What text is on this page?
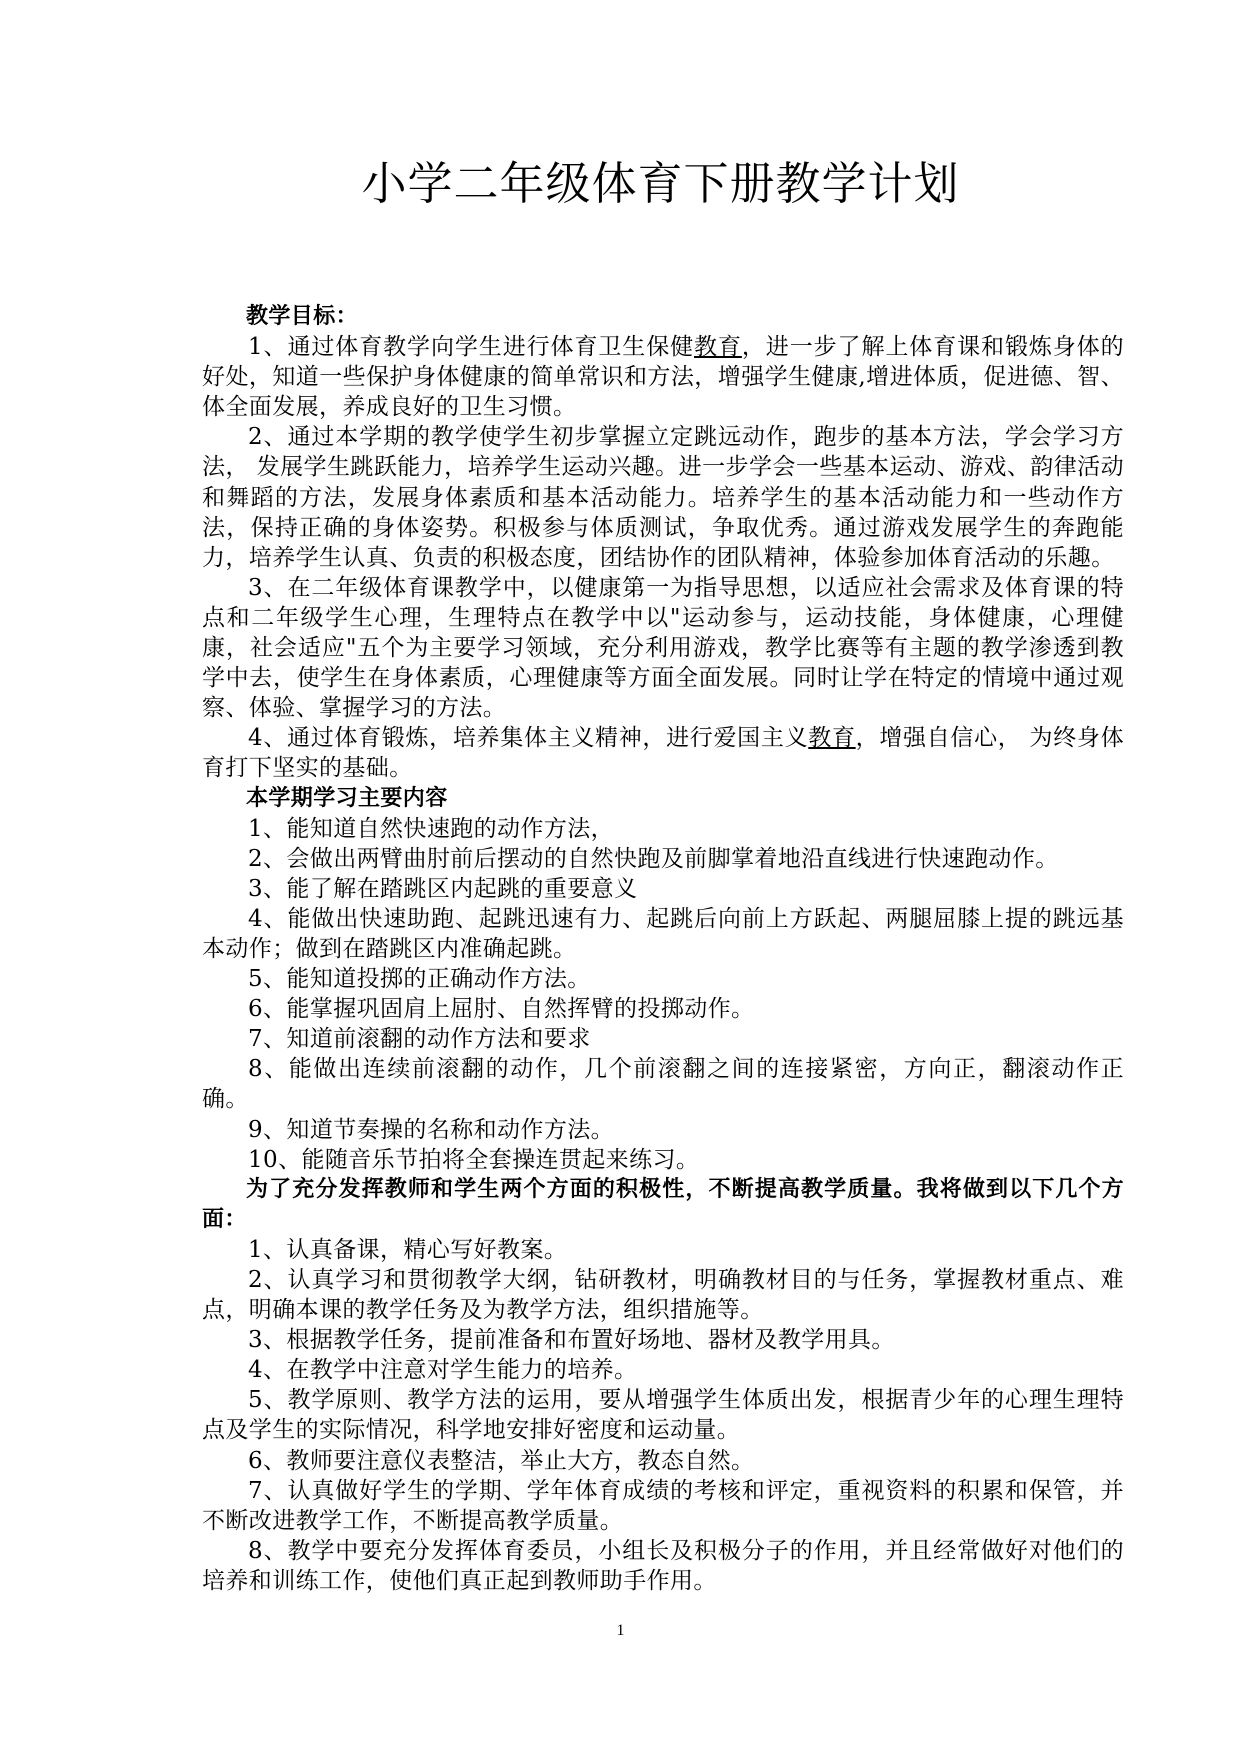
小学二年级体育下册教学计划

教学目标：

1、通过体育教学向学生进行体育卫生保健教育，进一步了解上体育课和锻炼身体的好处，知道一些保护身体健康的简单常识和方法，增强学生健康,增进体质，促进德、智、体全面发展，养成良好的卫生习惯。

2、通过本学期的教学使学生初步掌握立定跳远动作，跑步的基本方法，学会学习方法， 发展学生跳跃能力，培养学生运动兴趣。进一步学会一些基本运动、游戏、韵律活动和舞蹈的方法，发展身体素质和基本活动能力。培养学生的基本活动能力和一些动作方法，保持正确的身体姿势。积极参与体质测试，争取优秀。通过游戏发展学生的奔跑能力，培养学生认真、负责的积极态度，团结协作的团队精神，体验参加体育活动的乐趣。

3、在二年级体育课教学中，以健康第一为指导思想，以适应社会需求及体育课的特点和二年级学生心理，生理特点在教学中以"运动参与，运动技能，身体健康，心理健康，社会适应"五个为主要学习领域，充分利用游戏，教学比赛等有主题的教学渗透到教学中去，使学生在身体素质，心理健康等方面全面发展。同时让学在特定的情境中通过观察、体验、掌握学习的方法。

4、通过体育锻炼，培养集体主义精神，进行爱国主义教育，增强自信心， 为终身体育打下坚实的基础。

本学期学习主要内容

1、能知道自然快速跑的动作方法，

2、会做出两臂曲肘前后摆动的自然快跑及前脚掌着地沿直线进行快速跑动作。

3、能了解在踏跳区内起跳的重要意义

4、能做出快速助跑、起跳迅速有力、起跳后向前上方跃起、两腿屈膝上提的跳远基本动作；做到在踏跳区内准确起跳。

5、能知道投掷的正确动作方法。

6、能掌握巩固肩上屈肘、自然挥臂的投掷动作。

7、知道前滚翻的动作方法和要求

8、能做出连续前滚翻的动作，几个前滚翻之间的连接紧密，方向正，翻滚动作正确。

9、知道节奏操的名称和动作方法。

10、能随音乐节拍将全套操连贯起来练习。

为了充分发挥教师和学生两个方面的积极性，不断提高教学质量。我将做到以下几个方面：

1、认真备课，精心写好教案。

2、认真学习和贯彻教学大纲，钻研教材，明确教材目的与任务，掌握教材重点、难点，明确本课的教学任务及为教学方法，组织措施等。

3、根据教学任务，提前准备和布置好场地、器材及教学用具。

4、在教学中注意对学生能力的培养。

5、教学原则、教学方法的运用，要从增强学生体质出发，根据青少年的心理生理特点及学生的实际情况，科学地安排好密度和运动量。

6、教师要注意仪表整洁，举止大方，教态自然。

7、认真做好学生的学期、学年体育成绩的考核和评定，重视资料的积累和保管，并不断改进教学工作，不断提高教学质量。

8、教学中要充分发挥体育委员，小组长及积极分子的作用，并且经常做好对他们的培养和训练工作，使他们真正起到教师助手作用。

1
